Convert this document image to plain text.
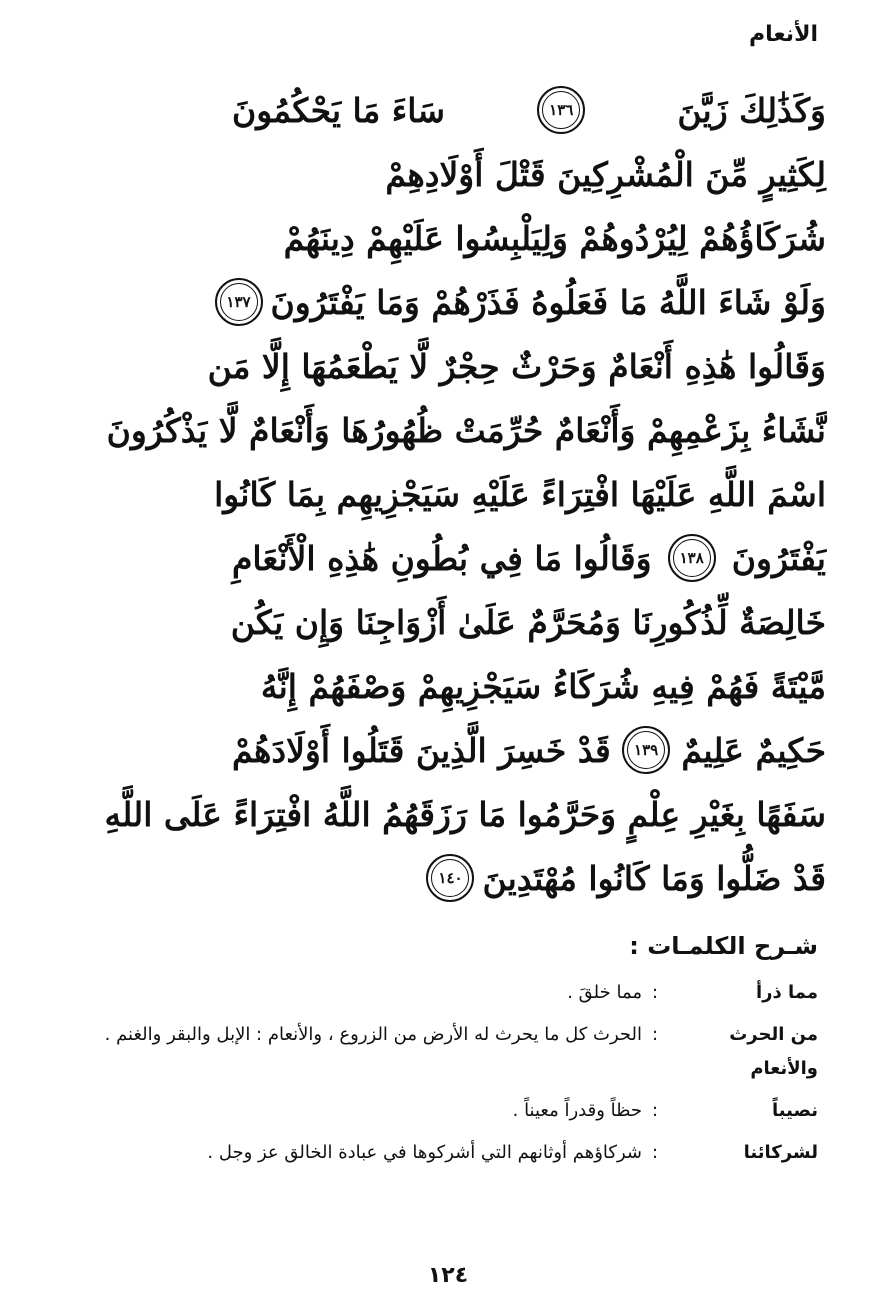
الأنعام
وَكَذَٰلِكَ زَيَّنَ
١٣٦
سَاءَ مَا يَحْكُمُونَ
لِكَثِيرٍ مِّنَ الْمُشْرِكِينَ قَتْلَ أَوْلَادِهِمْ
شُرَكَاؤُهُمْ لِيُرْدُوهُمْ وَلِيَلْبِسُوا عَلَيْهِمْ دِينَهُمْ
وَلَوْ شَاءَ اللَّهُ مَا فَعَلُوهُ فَذَرْهُمْ وَمَا يَفْتَرُونَ
١٣٧
وَقَالُوا هَٰذِهِ أَنْعَامٌ وَحَرْثٌ حِجْرٌ لَّا يَطْعَمُهَا إِلَّا مَن
نَّشَاءُ بِزَعْمِهِمْ وَأَنْعَامٌ حُرِّمَتْ ظُهُورُهَا وَأَنْعَامٌ لَّا يَذْكُرُونَ
اسْمَ اللَّهِ عَلَيْهَا افْتِرَاءً عَلَيْهِ سَيَجْزِيهِم بِمَا كَانُوا
يَفْتَرُونَ
١٣٨
وَقَالُوا مَا فِي بُطُونِ هَٰذِهِ الْأَنْعَامِ
خَالِصَةٌ لِّذُكُورِنَا وَمُحَرَّمٌ عَلَىٰ أَزْوَاجِنَا وَإِن يَكُن
مَّيْتَةً فَهُمْ فِيهِ شُرَكَاءُ سَيَجْزِيهِمْ وَصْفَهُمْ إِنَّهُ
حَكِيمٌ عَلِيمٌ
١٣٩
قَدْ خَسِرَ الَّذِينَ قَتَلُوا أَوْلَادَهُمْ
سَفَهًا بِغَيْرِ عِلْمٍ وَحَرَّمُوا مَا رَزَقَهُمُ اللَّهُ افْتِرَاءً عَلَى اللَّهِ
قَدْ ضَلُّوا وَمَا كَانُوا مُهْتَدِينَ
١٤٠
شـرح الكلمـات :
مما ذرأ
:
مما خلقَ .
من الحرث والأنعام
:
الحرث كل ما يحرث له الأرض من الزروع ، والأنعام : الإبل والبقر والغنم .
نصيباً
:
حظاً وقدراً معيناً .
لشركائنا
:
شركاؤهم أوثانهم التي أشركوها في عبادة الخالق عز وجل .
١٢٤
